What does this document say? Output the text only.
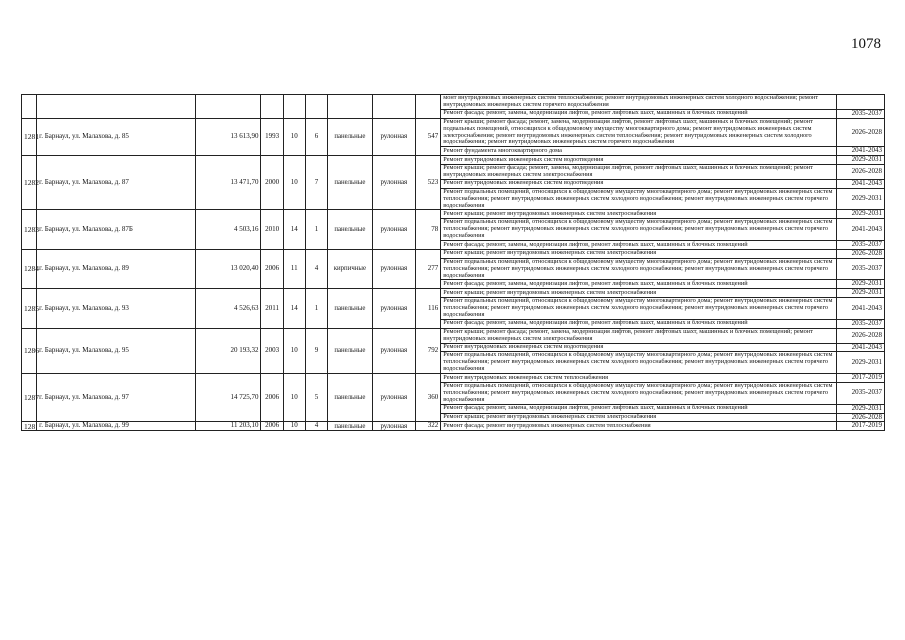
1078
									монт внутридомовых инженерных систем теплоснабжения; ремонт внутридомовых инженерных систем холодного водоснабжения; ремонт внутридомовых инженерных систем горячего водоснабжения	
									Ремонт фасада; ремонт, замена, модернизация лифтов, ремонт лифтовых шахт, машинных и блочных помещений	2035-2037
1281	г. Барнаул, ул. Малахова, д. 85	13 613,90	1993	10	6	панельные	рулонная	547	Ремонт крыши; ремонт фасада; ремонт, замена, модернизация лифтов, ремонт лифтовых шахт, машинных и блочных помещений; ремонт подвальных помещений, относящихся к общедомовому имуществу многоквартирного дома; ремонт внутридомовых инженерных систем электроснабжения; ремонт внутридомовых инженерных систем теплоснабжения; ремонт внутридомовых инженерных систем холодного водоснабжения; ремонт внутридомовых инженерных систем горячего водоснабжения	2026-2028
									Ремонт фундамента многоквартирного дома	2041-2043
1282	г. Барнаул, ул. Малахова, д. 87	13 471,70	2000	10	7	панельные	рулонная	523	Ремонт внутридомовых инженерных систем водоотведения	2029-2031
									Ремонт крыши; ремонт фасада; ремонт, замена, модернизация лифтов, ремонт лифтовых шахт, машинных и блочных помещений; ремонт внутридомовых инженерных систем электроснабжения	2026-2028
									Ремонт внутридомовых инженерных систем водоотведения	2041-2043
									Ремонт подвальных помещений, относящихся к общедомовому имуществу многоквартирного дома; ремонт внутридомовых инженерных систем теплоснабжения; ремонт внутридомовых инженерных систем холодного водоснабжения; ремонт внутридомовых инженерных систем горячего водоснабжения	2029-2031
1283	г. Барнаул, ул. Малахова, д. 87Б	4 503,16	2010	14	1	панельные	рулонная	78	Ремонт крыши; ремонт внутридомовых инженерных систем электроснабжения	2029-2031
									Ремонт подвальных помещений, относящихся к общедомовому имуществу многоквартирного дома; ремонт внутридомовых инженерных систем теплоснабжения; ремонт внутридомовых инженерных систем холодного водоснабжения; ремонт внутридомовых инженерных систем горячего водоснабжения	2041-2043
									Ремонт фасада; ремонт, замена, модернизация лифтов, ремонт лифтовых шахт, машинных и блочных помещений	2035-2037
1284	г. Барнаул, ул. Малахова, д. 89	13 020,40	2006	11	4	кирпичные	рулонная	277	Ремонт крыши; ремонт внутридомовых инженерных систем электроснабжения	2026-2028
									Ремонт подвальных помещений, относящихся к общедомовому имуществу многоквартирного дома; ремонт внутридомовых инженерных систем теплоснабжения; ремонт внутридомовых инженерных систем холодного водоснабжения; ремонт внутридомовых инженерных систем горячего водоснабжения	2035-2037
									Ремонт фасада; ремонт, замена, модернизация лифтов, ремонт лифтовых шахт, машинных и блочных помещений	2029-2031
1285	г. Барнаул, ул. Малахова, д. 93	4 526,63	2011	14	1	панельные	рулонная	116	Ремонт крыши; ремонт внутридомовых инженерных систем электроснабжения	2029-2031
									Ремонт подвальных помещений, относящихся к общедомовому имуществу многоквартирного дома; ремонт внутридомовых инженерных систем теплоснабжения; ремонт внутридомовых инженерных систем холодного водоснабжения; ремонт внутридомовых инженерных систем горячего водоснабжения	2041-2043
									Ремонт фасада; ремонт, замена, модернизация лифтов, ремонт лифтовых шахт, машинных и блочных помещений	2035-2037
1286	г. Барнаул, ул. Малахова, д. 95	20 193,32	2003	10	9	панельные	рулонная	792	Ремонт крыши; ремонт фасада; ремонт, замена, модернизация лифтов, ремонт лифтовых шахт, машинных и блочных помещений; ремонт внутридомовых инженерных систем электроснабжения	2026-2028
									Ремонт внутридомовых инженерных систем водоотведения	2041-2043
									Ремонт подвальных помещений, относящихся к общедомовому имуществу многоквартирного дома; ремонт внутридомовых инженерных систем теплоснабжения; ремонт внутридомовых инженерных систем холодного водоснабжения; ремонт внутридомовых инженерных систем горячего водоснабжения	2029-2031
1287	г. Барнаул, ул. Малахова, д. 97	14 725,70	2006	10	5	панельные	рулонная	360	Ремонт внутридомовых инженерных систем теплоснабжения	2017-2019
									Ремонт подвальных помещений, относящихся к общедомовому имуществу многоквартирного дома; ремонт внутридомовых инженерных систем теплоснабжения; ремонт внутридомовых инженерных систем холодного водоснабжения; ремонт внутридомовых инженерных систем горячего водоснабжения	2035-2037
									Ремонт фасада; ремонт, замена, модернизация лифтов, ремонт лифтовых шахт, машинных и блочных помещений	2029-2031
									Ремонт крыши; ремонт внутридомовых инженерных систем электроснабжения	2026-2028
128	г. Барнаул, ул. Малахова, д. 99	11 203,10	2006	10	4	панельные	рулонная	322	Ремонт фасада; ремонт внутридомовых инженерных систем теплоснабжения	2017-2019
